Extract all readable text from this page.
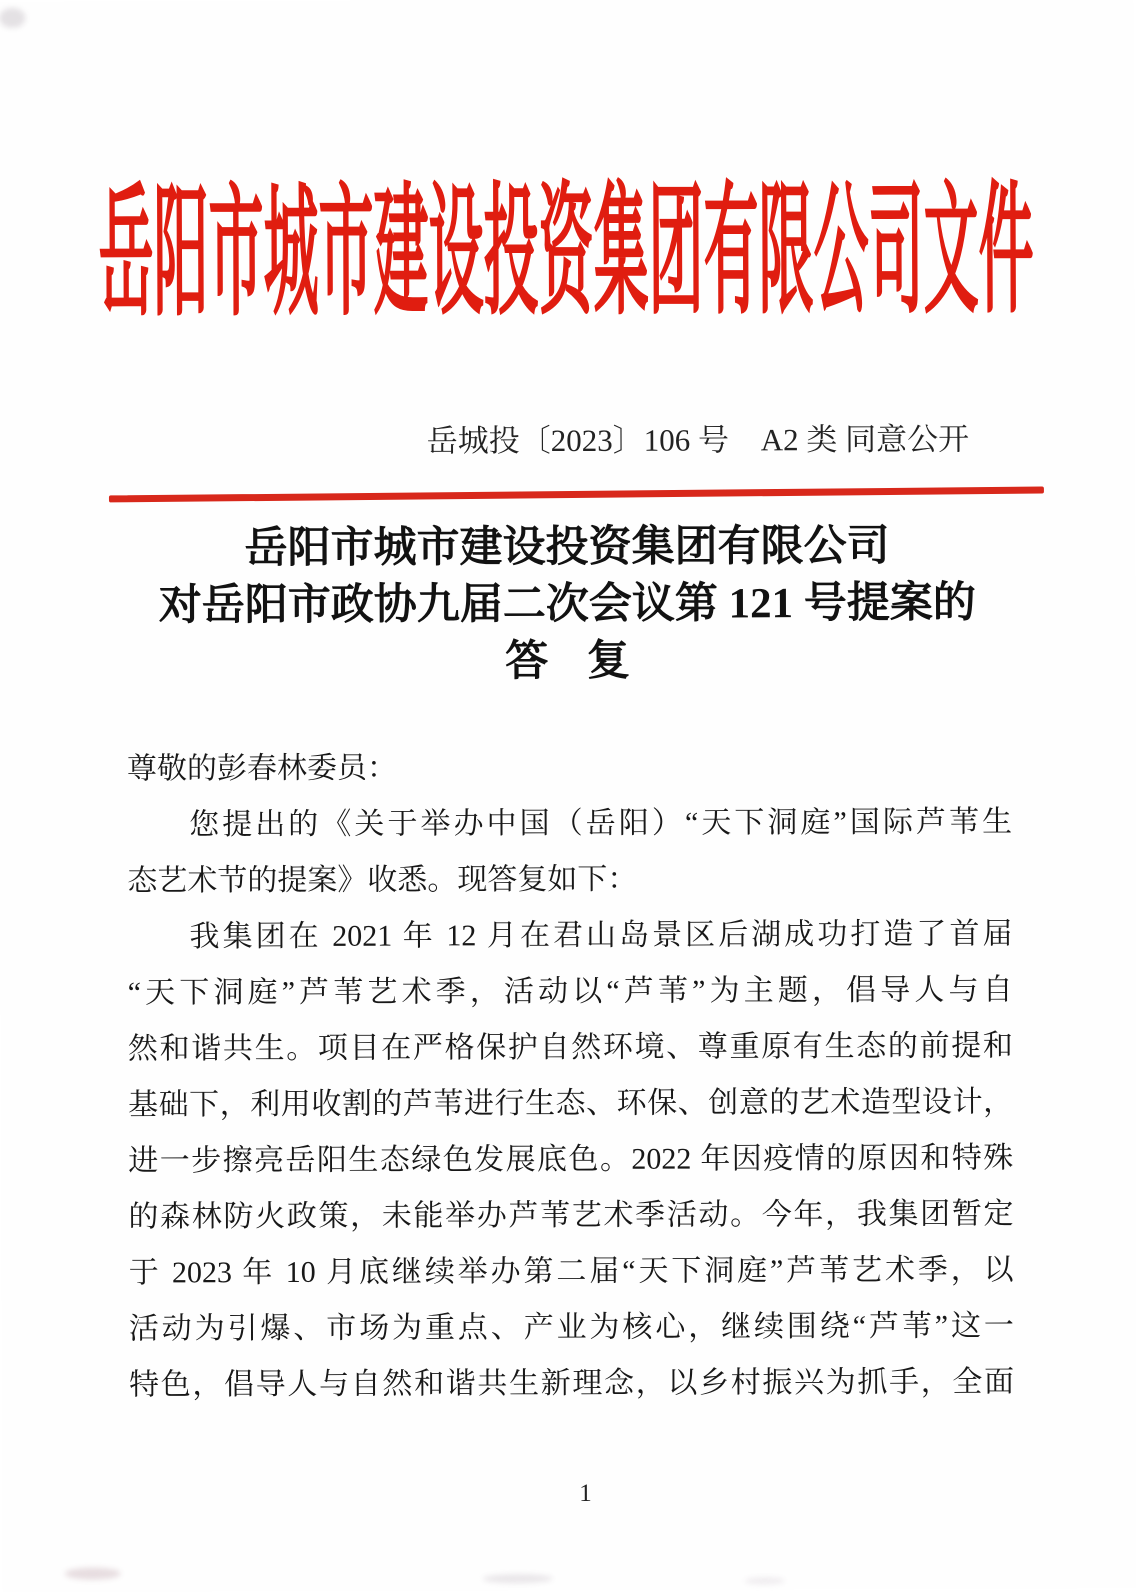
岳阳市城市建设投资集团有限公司文件
岳城投〔2023〕106 号 A2 类 同意公开
岳阳市城市建设投资集团有限公司
对岳阳市政协九届二次会议第 121 号提案的
答 复
尊敬的彭春林委员：
您提出的《关于举办中国（岳阳）“天下洞庭”国际芦苇生
态艺术节的提案》收悉。现答复如下：
我集团在 2021 年 12 月在君山岛景区后湖成功打造了首届
“天下洞庭”芦苇艺术季，活动以“芦苇”为主题，倡导人与自
然和谐共生。项目在严格保护自然环境、尊重原有生态的前提和
基础下，利用收割的芦苇进行生态、环保、创意的艺术造型设计，
进一步擦亮岳阳生态绿色发展底色。2022 年因疫情的原因和特殊
的森林防火政策，未能举办芦苇艺术季活动。今年，我集团暂定
于 2023 年 10 月底继续举办第二届“天下洞庭”芦苇艺术季，以
活动为引爆、市场为重点、产业为核心，继续围绕“芦苇”这一
特色，倡导人与自然和谐共生新理念，以乡村振兴为抓手，全面
1
